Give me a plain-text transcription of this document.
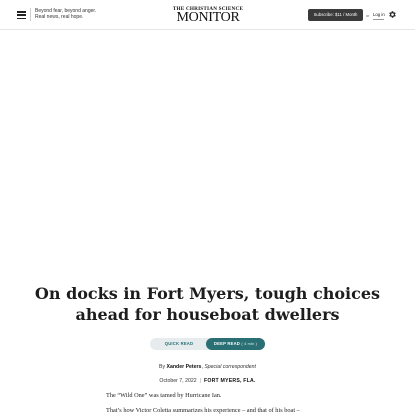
Beyond fear, beyond anger.
Real news, real hope.
THE CHRISTIAN SCIENCE
MONITOR	Subscribe: $11 / Month	or Log in
On docks in Fort Myers, tough choices ahead for houseboat dwellers
QUICK READ	DEEP READ ( 4 min )
By Xander Peters, Special correspondent
October 7, 2022 | FORT MYERS, FLA.

The “Wild One” was tamed by Hurricane Ian.

That’s how Victor Coletta summarizes his experience – and that of his boat –
